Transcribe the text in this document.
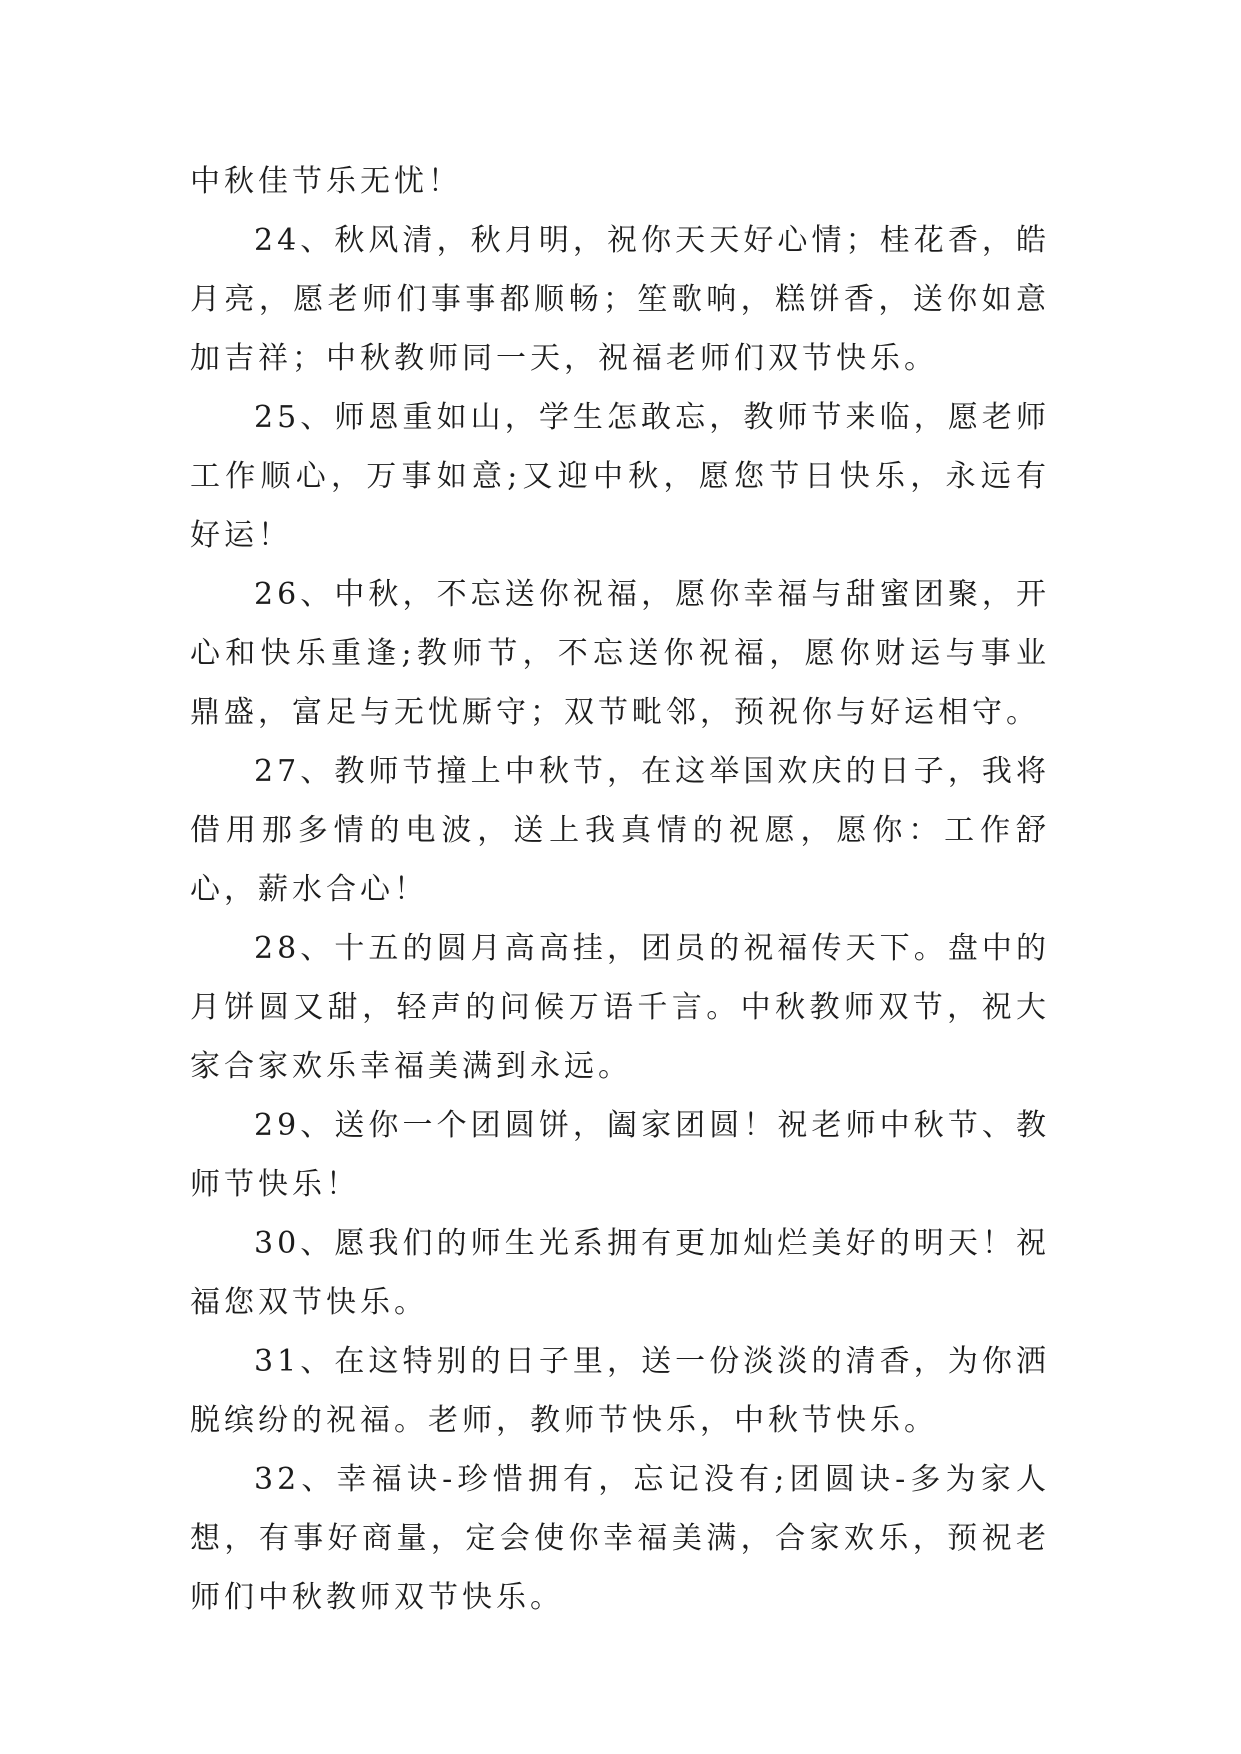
中秋佳节乐无忧！

24、秋风清，秋月明，祝你天天好心情；桂花香，皓月亮，愿老师们事事都顺畅；笙歌响，糕饼香，送你如意加吉祥；中秋教师同一天，祝福老师们双节快乐。

25、师恩重如山，学生怎敢忘，教师节来临，愿老师工作顺心，万事如意;又迎中秋，愿您节日快乐，永远有好运！

26、中秋，不忘送你祝福，愿你幸福与甜蜜团聚，开心和快乐重逢;教师节，不忘送你祝福，愿你财运与事业鼎盛，富足与无忧厮守；双节毗邻，预祝你与好运相守。

27、教师节撞上中秋节，在这举国欢庆的日子，我将借用那多情的电波，送上我真情的祝愿，愿你：工作舒心，薪水合心！

28、十五的圆月高高挂，团员的祝福传天下。盘中的月饼圆又甜，轻声的问候万语千言。中秋教师双节，祝大家合家欢乐幸福美满到永远。

29、送你一个团圆饼，阖家团圆！祝老师中秋节、教师节快乐！

30、愿我们的师生光系拥有更加灿烂美好的明天！祝福您双节快乐。

31、在这特别的日子里，送一份淡淡的清香，为你洒脱缤纷的祝福。老师，教师节快乐，中秋节快乐。

32、幸福诀-珍惜拥有，忘记没有;团圆诀-多为家人想，有事好商量，定会使你幸福美满，合家欢乐，预祝老师们中秋教师双节快乐。
